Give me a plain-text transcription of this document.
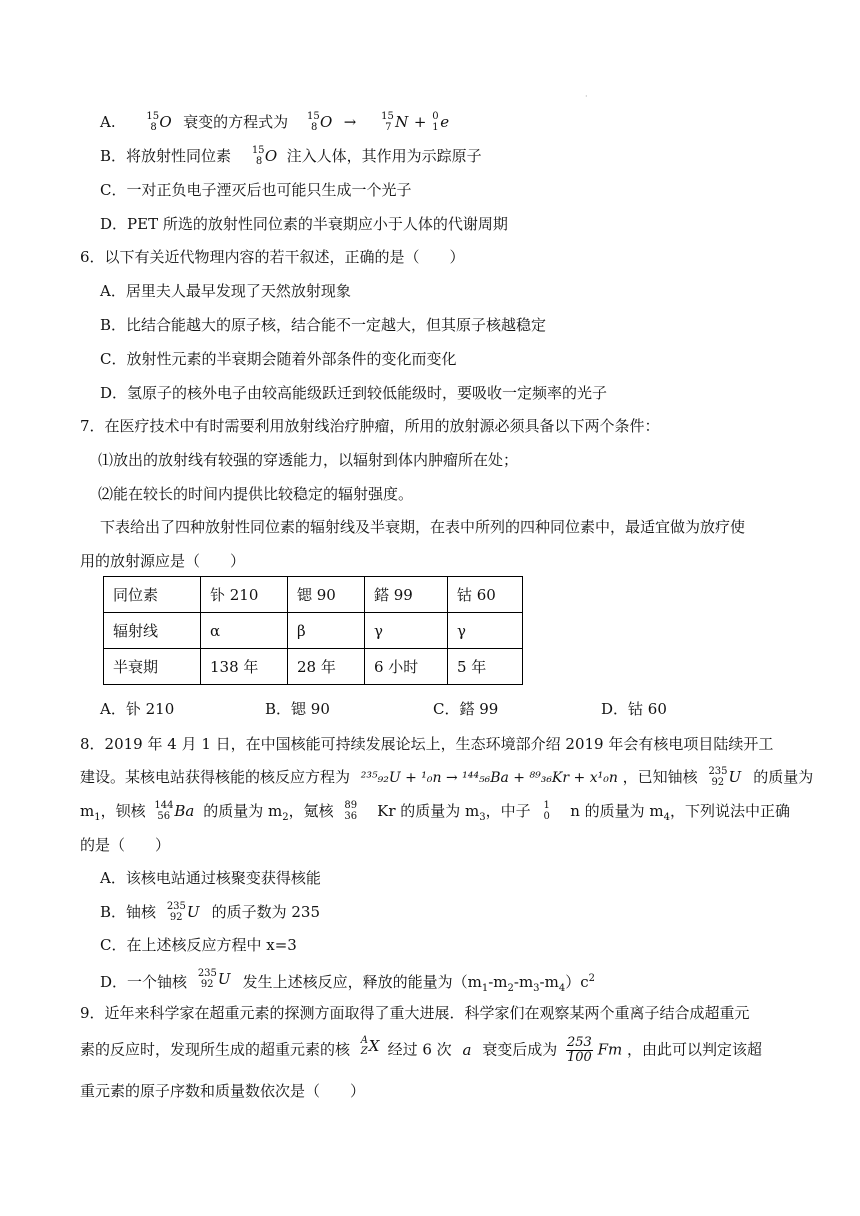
·
A.	15
8 O 衰变的方程式为 15
8 O → 15
7 N + 0
1 e
B．将放射性同位素 15
8 O 注入人体，其作用为示踪原子
C．一对正负电子湮灭后也可能只生成一个光子
D．PET 所选的放射性同位素的半衰期应小于人体的代谢周期
6．以下有关近代物理内容的若干叙述，正确的是（　　）
A．居里夫人最早发现了天然放射现象
B．比结合能越大的原子核，结合能不一定越大，但其原子核越稳定
C．放射性元素的半衰期会随着外部条件的变化而变化
D．氢原子的核外电子由较高能级跃迁到较低能级时，要吸收一定频率的光子
7．在医疗技术中有时需要利用放射线治疗肿瘤，所用的放射源必须具备以下两个条件：
⑴放出的放射线有较强的穿透能力，以辐射到体内肿瘤所在处；
⑵能在较长的时间内提供比较稳定的辐射强度。
下表给出了四种放射性同位素的辐射线及半衰期，在表中所列的四种同位素中，最适宜做为放疗使
用的放射源应是（　　）
同位素	钋 210	锶 90	鎝 99	钴 60
辐射线	α	β	γ	γ
半衰期	138 年	28 年	6 小时	5 年
A．钋 210	B．锶 90	C．鎝 99	D．钴 60
8．2019 年 4 月 1 日，在中国核能可持续发展论坛上，生态环境部介绍 2019 年会有核电项目陆续开工
建设。某核电站获得核能的核反应方程为 ²³⁵₉₂U + ¹₀n → ¹⁴⁴₅₆Ba + ⁸⁹₃₆Kr + x¹₀n ，已知铀核 235
92 U 的质量为
$m_1$，钡核 144
56 Ba 的质量为 $m_2$，氪核 89
36 Kr 的质量为 $m_3$，中子 1
0 n 的质量为 $m_4$，下列说法中正确
的是（　　）
A．该核电站通过核聚变获得核能
B．铀核 235
92 U 的质子数为 235
C．在上述核反应方程中 x=3
D．一个铀核 235
92 U 发生上述核反应，释放的能量为$(m_1-m_2-m_3-m_4)c^2$
9．近年来科学家在超重元素的探测方面取得了重大进展．科学家们在观察某两个重离子结合成超重元
素的反应时，发现所生成的超重元素的核 A
Z X 经过 6 次 a 衰变后成为 $\frac{253}{100}$ Fm ，由此可以判定该超
重元素的原子序数和质量数依次是（　　）
